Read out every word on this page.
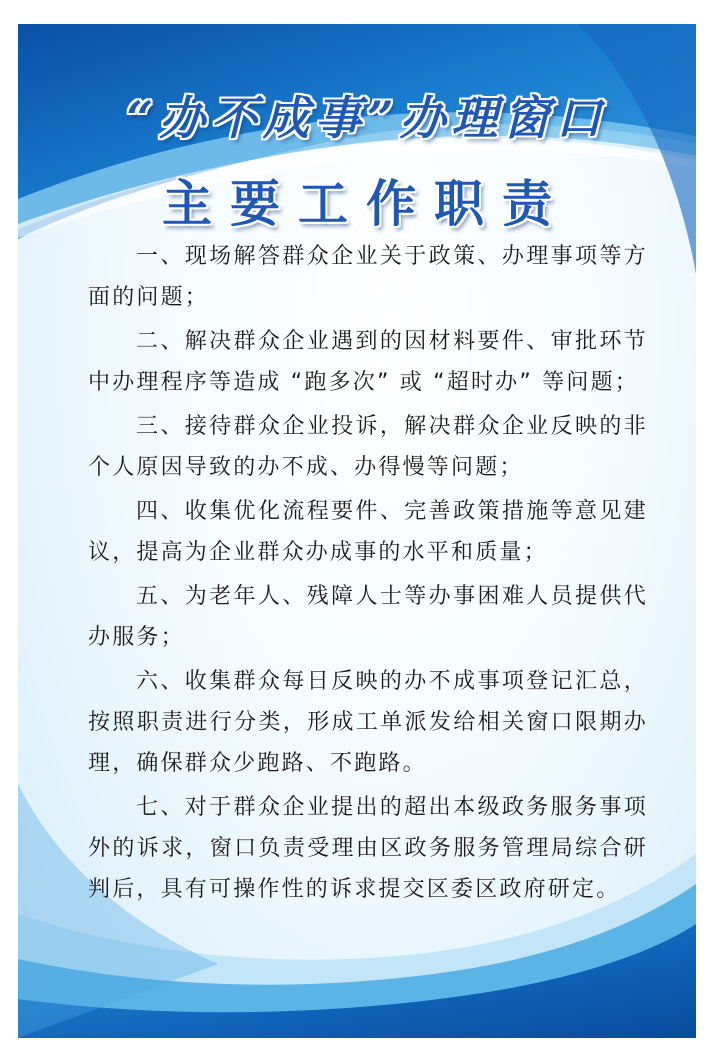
“办不成事”办理窗口
主要工作职责

一、现场解答群众企业关于政策、办理事项等方面的问题；

二、解决群众企业遇到的因材料要件、审批环节中办理程序等造成 “跑多次” 或 “超时办” 等问题；

三、接待群众企业投诉，解决群众企业反映的非个人原因导致的办不成、办得慢等问题；

四、收集优化流程要件、完善政策措施等意见建议，提高为企业群众办成事的水平和质量；

五、为老年人、残障人士等办事困难人员提供代办服务；

六、收集群众每日反映的办不成事项登记汇总，按照职责进行分类，形成工单派发给相关窗口限期办理，确保群众少跑路、不跑路。

七、对于群众企业提出的超出本级政务服务事项外的诉求，窗口负责受理由区政务服务管理局综合研判后，具有可操作性的诉求提交区委区政府研定。
